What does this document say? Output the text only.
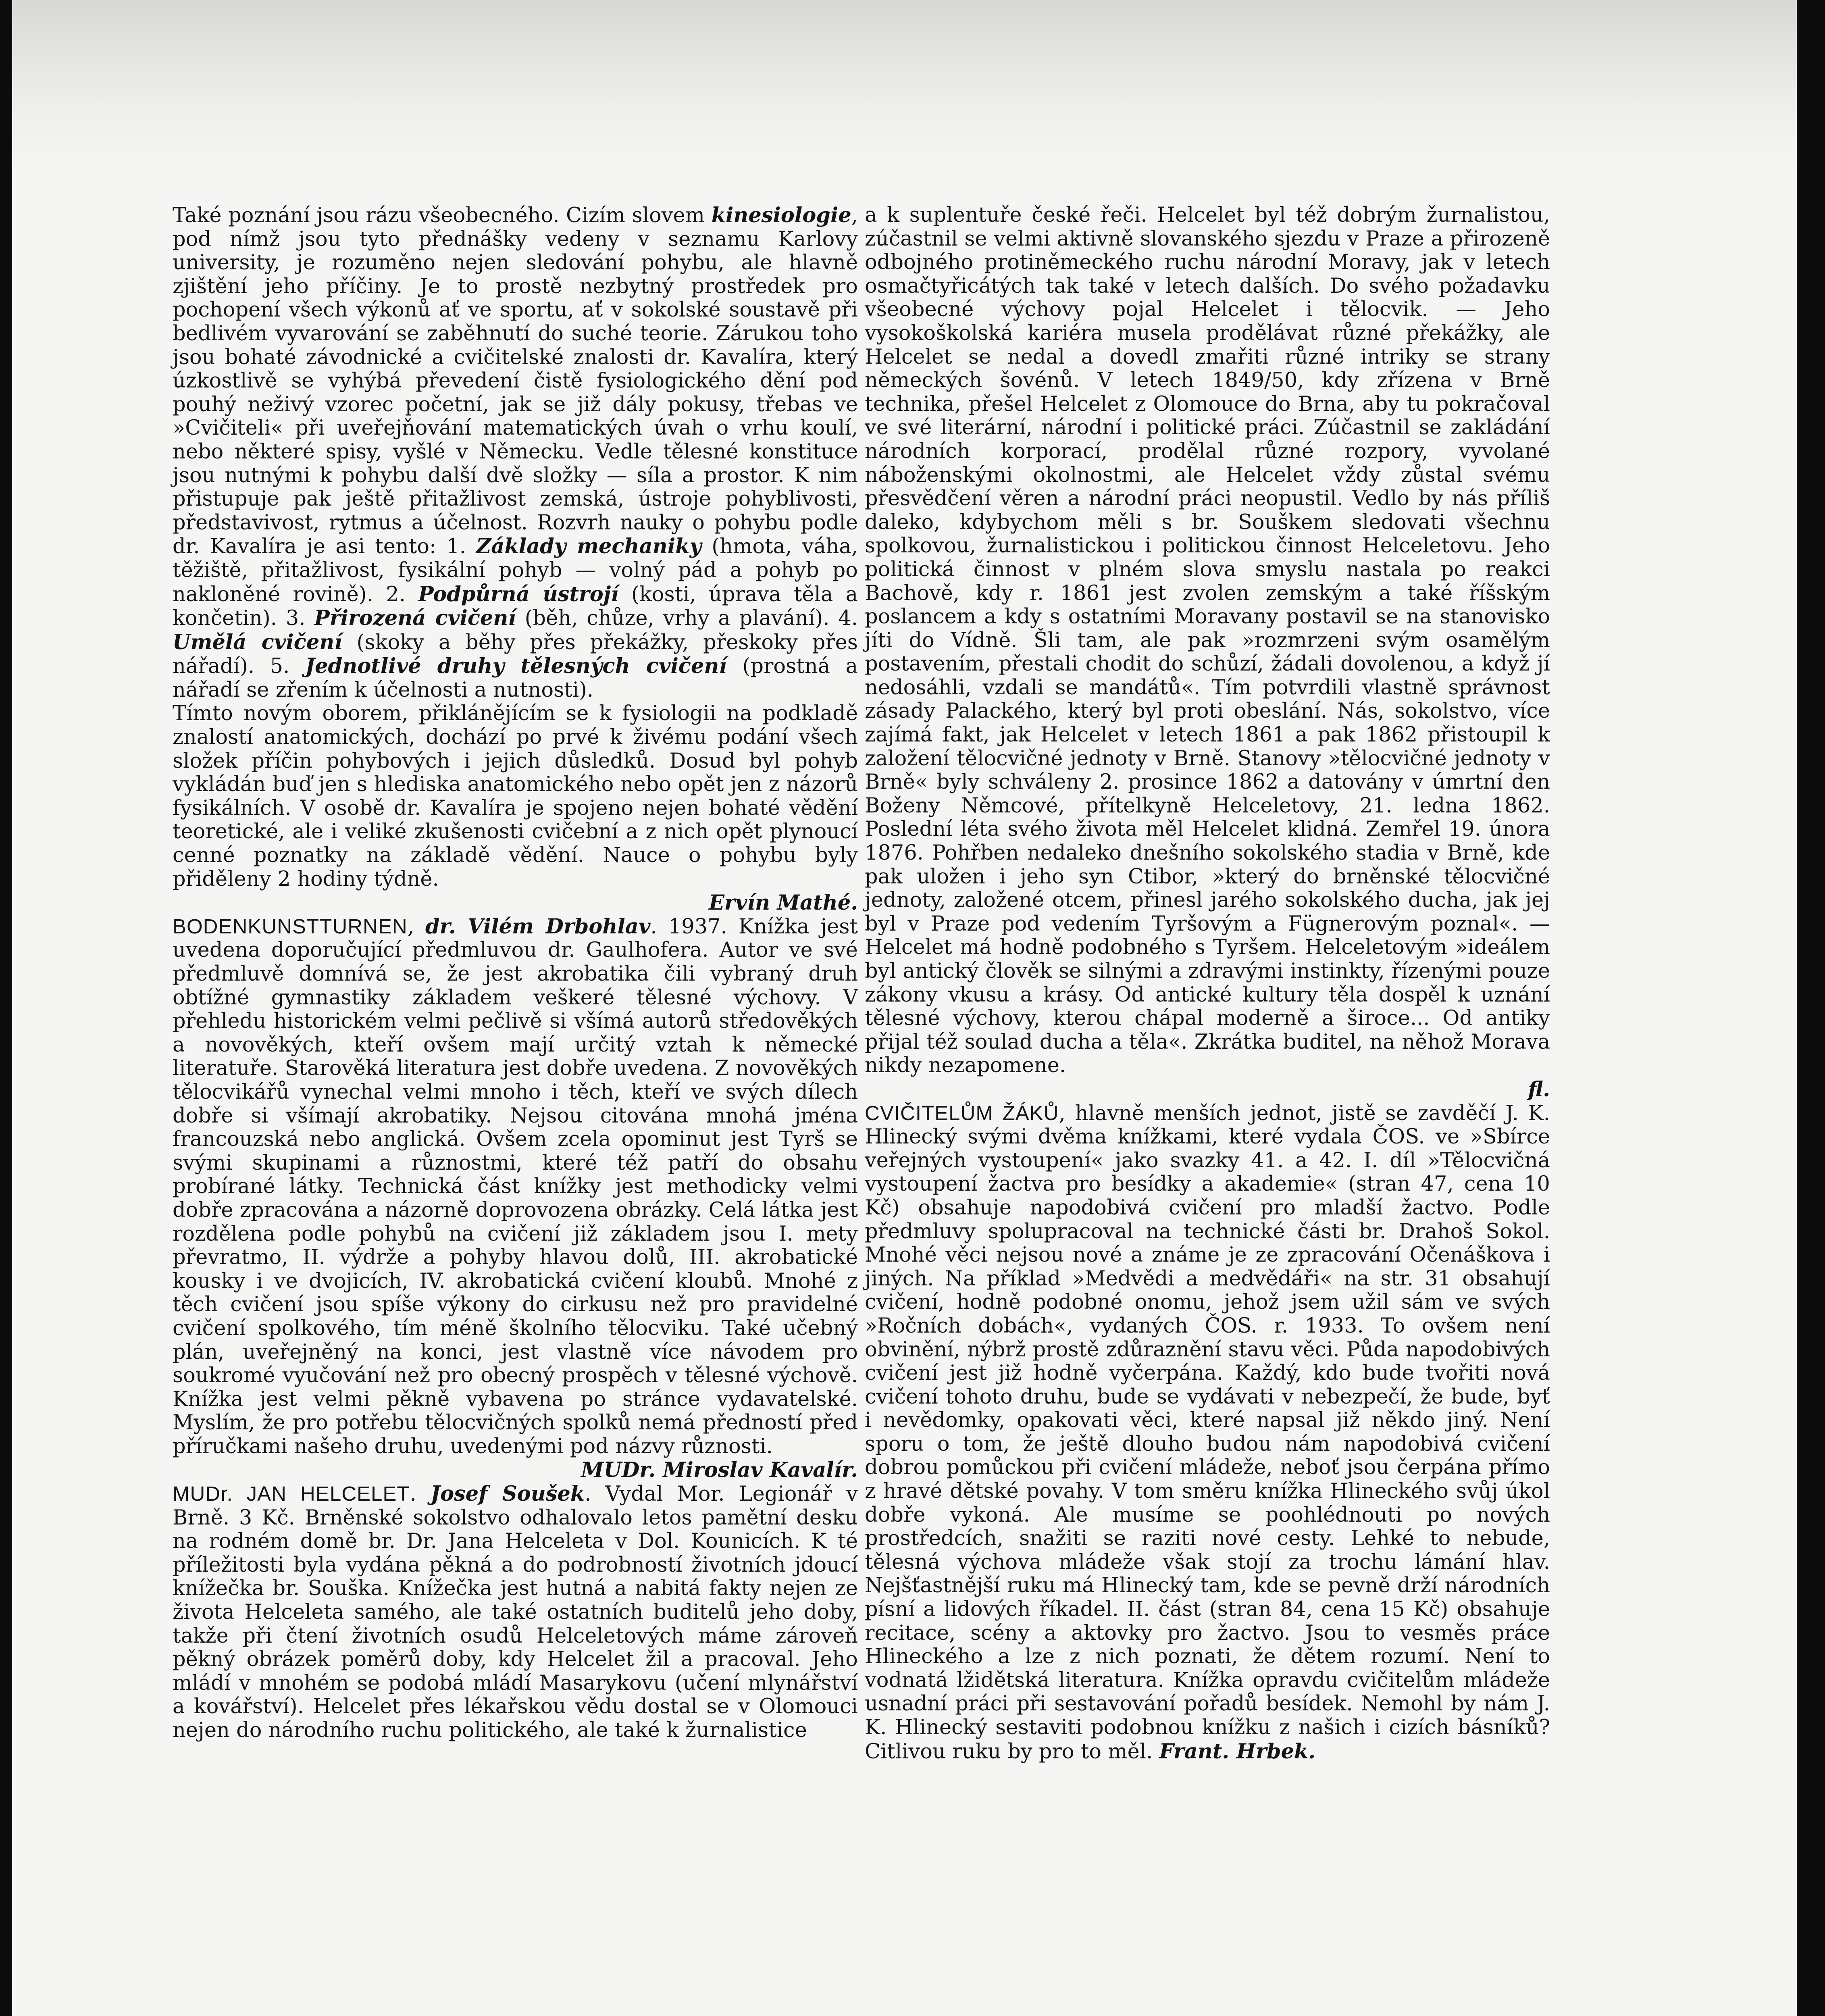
Také poznání jsou rázu všeobecného. Cizím slovem kinesiologie, pod nímž jsou tyto přednášky vedeny v seznamu Karlovy university, je rozuměno nejen sledování pohybu, ale hlavně zjištění jeho příčiny. Je to prostě nezbytný prostředek pro pochopení všech výkonů ať ve sportu, ať v sokolské soustavě při bedlivém vyvarování se zaběhnutí do suché teorie. Zárukou toho jsou bohaté závodnické a cvičitelské znalosti dr. Kavalíra, který úzkostlivě se vyhýbá převedení čistě fysiologického dění pod pouhý neživý vzorec početní, jak se již dály pokusy, třebas ve »Cvičiteli« při uveřejňování matematických úvah o vrhu koulí, nebo některé spisy, vyšlé v Německu. Vedle tělesné konstituce jsou nutnými k pohybu další dvě složky — síla a prostor. K nim přistupuje pak ještě přitažlivost zemská, ústroje pohyblivosti, představivost, rytmus a účelnost. Rozvrh nauky o pohybu podle dr. Kavalíra je asi tento: 1. Základy mechaniky (hmota, váha, těžiště, přitažlivost, fysikální pohyb — volný pád a pohyb po nakloněné rovině). 2. Podpůrná ústrojí (kosti, úprava těla a končetin). 3. Přirozená cvičení (běh, chůze, vrhy a plavání). 4. Umělá cvičení (skoky a běhy přes překážky, přeskoky přes nářadí). 5. Jednotlivé druhy tělesných cvičení (prostná a nářadí se zřením k účelnosti a nutnosti).

Tímto novým oborem, přiklánějícím se k fysiologii na podkladě znalostí anatomických, dochází po prvé k živému podání všech složek příčin pohybových i jejich důsledků. Dosud byl pohyb vykládán buď jen s hlediska anatomického nebo opět jen z názorů fysikálních. V osobě dr. Kavalíra je spojeno nejen bohaté vědění teoretické, ale i veliké zkušenosti cvičební a z nich opět plynoucí cenné poznatky na základě vědění. Nauce o pohybu byly přiděleny 2 hodiny týdně.

Ervín Mathé.

BODENKUNSTTURNEN, dr. Vilém Drbohlav. 1937. Knížka jest uvedena doporučující předmluvou dr. Gaulhofera. Autor ve své předmluvě domnívá se, že jest akrobatika čili vybraný druh obtížné gymnastiky základem veškeré tělesné výchovy. V přehledu historickém velmi pečlivě si všímá autorů středověkých a novověkých, kteří ovšem mají určitý vztah k německé literatuře. Starověká literatura jest dobře uvedena. Z novověkých tělocvikářů vynechal velmi mnoho i těch, kteří ve svých dílech dobře si všímají akrobatiky. Nejsou citována mnohá jména francouzská nebo anglická. Ovšem zcela opominut jest Tyrš se svými skupinami a různostmi, které též patří do obsahu probírané látky. Technická část knížky jest methodicky velmi dobře zpracována a názorně doprovozena obrázky. Celá látka jest rozdělena podle pohybů na cvičení již základem jsou I. mety převratmo, II. výdrže a pohyby hlavou dolů, III. akrobatické kousky i ve dvojicích, IV. akrobatická cvičení kloubů. Mnohé z těch cvičení jsou spíše výkony do cirkusu než pro pravidelné cvičení spolkového, tím méně školního tělocviku. Také učebný plán, uveřejněný na konci, jest vlastně více návodem pro soukromé vyučování než pro obecný prospěch v tělesné výchově. Knížka jest velmi pěkně vybavena po stránce vydavatelské. Myslím, že pro potřebu tělocvičných spolků nemá předností před příručkami našeho druhu, uvedenými pod názvy různosti.

MUDr. Miroslav Kavalír.

MUDr. JAN HELCELET. Josef Soušek. Vydal Mor. Legionář v Brně. 3 Kč. Brněnské sokolstvo odhalovalo letos pamětní desku na rodném domě br. Dr. Jana Helceleta v Dol. Kounicích. K té příležitosti byla vydána pěkná a do podrobností životních jdoucí knížečka br. Souška. Knížečka jest hutná a nabitá fakty nejen ze života Helceleta samého, ale také ostatních buditelů jeho doby, takže při čtení životních osudů Helceletových máme zároveň pěkný obrázek poměrů doby, kdy Helcelet žil a pracoval. Jeho mládí v mnohém se podobá mládí Masarykovu (učení mlynářství a kovářství). Helcelet přes lékařskou vědu dostal se v Olomouci nejen do národního ruchu politického, ale také k žurnalistice

a k suplentuře české řeči. Helcelet byl též dobrým žurnalistou, zúčastnil se velmi aktivně slovanského sjezdu v Praze a přirozeně odbojného protiněmeckého ruchu národní Moravy, jak v letech osmačtyřicátých tak také v letech dalších. Do svého požadavku všeobecné výchovy pojal Helcelet i tělocvik. — Jeho vysokoškolská kariéra musela prodělávat různé překážky, ale Helcelet se nedal a dovedl zmařiti různé intriky se strany německých šovénů. V letech 1849/50, kdy zřízena v Brně technika, přešel Helcelet z Olomouce do Brna, aby tu pokračoval ve své literární, národní i politické práci. Zúčastnil se zakládání národních korporací, prodělal různé rozpory, vyvolané náboženskými okolnostmi, ale Helcelet vždy zůstal svému přesvědčení věren a národní práci neopustil. Vedlo by nás příliš daleko, kdybychom měli s br. Souškem sledovati všechnu spolkovou, žurnalistickou i politickou činnost Helceletovu. Jeho politická činnost v plném slova smyslu nastala po reakci Bachově, kdy r. 1861 jest zvolen zemským a také říšským poslancem a kdy s ostatními Moravany postavil se na stanovisko jíti do Vídně. Šli tam, ale pak »rozmrzeni svým osamělým postavením, přestali chodit do schůzí, žádali dovolenou, a když jí nedosáhli, vzdali se mandátů«. Tím potvrdili vlastně správnost zásady Palackého, který byl proti obeslání. Nás, sokolstvo, více zajímá fakt, jak Helcelet v letech 1861 a pak 1862 přistoupil k založení tělocvičné jednoty v Brně. Stanovy »tělocvičné jednoty v Brně« byly schváleny 2. prosince 1862 a datovány v úmrtní den Boženy Němcové, přítelkyně Helceletovy, 21. ledna 1862. Poslední léta svého života měl Helcelet klidná. Zemřel 19. února 1876. Pohřben nedaleko dnešního sokolského stadia v Brně, kde pak uložen i jeho syn Ctibor, »který do brněnské tělocvičné jednoty, založené otcem, přinesl jarého sokolského ducha, jak jej byl v Praze pod vedením Tyršovým a Fügnerovým poznal«. — Helcelet má hodně podobného s Tyršem. Helceletovým »ideálem byl antický člověk se silnými a zdravými instinkty, řízenými pouze zákony vkusu a krásy. Od antické kultury těla dospěl k uznání tělesné výchovy, kterou chápal moderně a široce... Od antiky přijal též soulad ducha a těla«. Zkrátka buditel, na něhož Morava nikdy nezapomene.

fl.

CVIČITELŮM ŽÁKŮ, hlavně menších jednot, jistě se zavděčí J. K. Hlinecký svými dvěma knížkami, které vydala ČOS. ve »Sbírce veřejných vystoupení« jako svazky 41. a 42. I. díl »Tělocvičná vystoupení žactva pro besídky a akademie« (stran 47, cena 10 Kč) obsahuje napodobivá cvičení pro mladší žactvo. Podle předmluvy spolupracoval na technické části br. Drahoš Sokol. Mnohé věci nejsou nové a známe je ze zpracování Očenáškova i jiných. Na příklad »Medvědi a medvědáři« na str. 31 obsahují cvičení, hodně podobné onomu, jehož jsem užil sám ve svých »Ročních dobách«, vydaných ČOS. r. 1933. To ovšem není obvinění, nýbrž prostě zdůraznění stavu věci. Půda napodobivých cvičení jest již hodně vyčerpána. Každý, kdo bude tvořiti nová cvičení tohoto druhu, bude se vydávati v nebezpečí, že bude, byť i nevědomky, opakovati věci, které napsal již někdo jiný. Není sporu o tom, že ještě dlouho budou nám napodobivá cvičení dobrou pomůckou při cvičení mládeže, neboť jsou čerpána přímo z hravé dětské povahy. V tom směru knížka Hlineckého svůj úkol dobře vykoná. Ale musíme se poohlédnouti po nových prostředcích, snažiti se raziti nové cesty. Lehké to nebude, tělesná výchova mládeže však stojí za trochu lámání hlav. Nejšťastnější ruku má Hlinecký tam, kde se pevně drží národních písní a lidových říkadel. II. část (stran 84, cena 15 Kč) obsahuje recitace, scény a aktovky pro žactvo. Jsou to vesměs práce Hlineckého a lze z nich poznati, že dětem rozumí. Není to vodnatá lžidětská literatura. Knížka opravdu cvičitelům mládeže usnadní práci při sestavování pořadů besídek. Nemohl by nám J. K. Hlinecký sestaviti podobnou knížku z našich i cizích básníků? Citlivou ruku by pro to měl. Frant. Hrbek.
